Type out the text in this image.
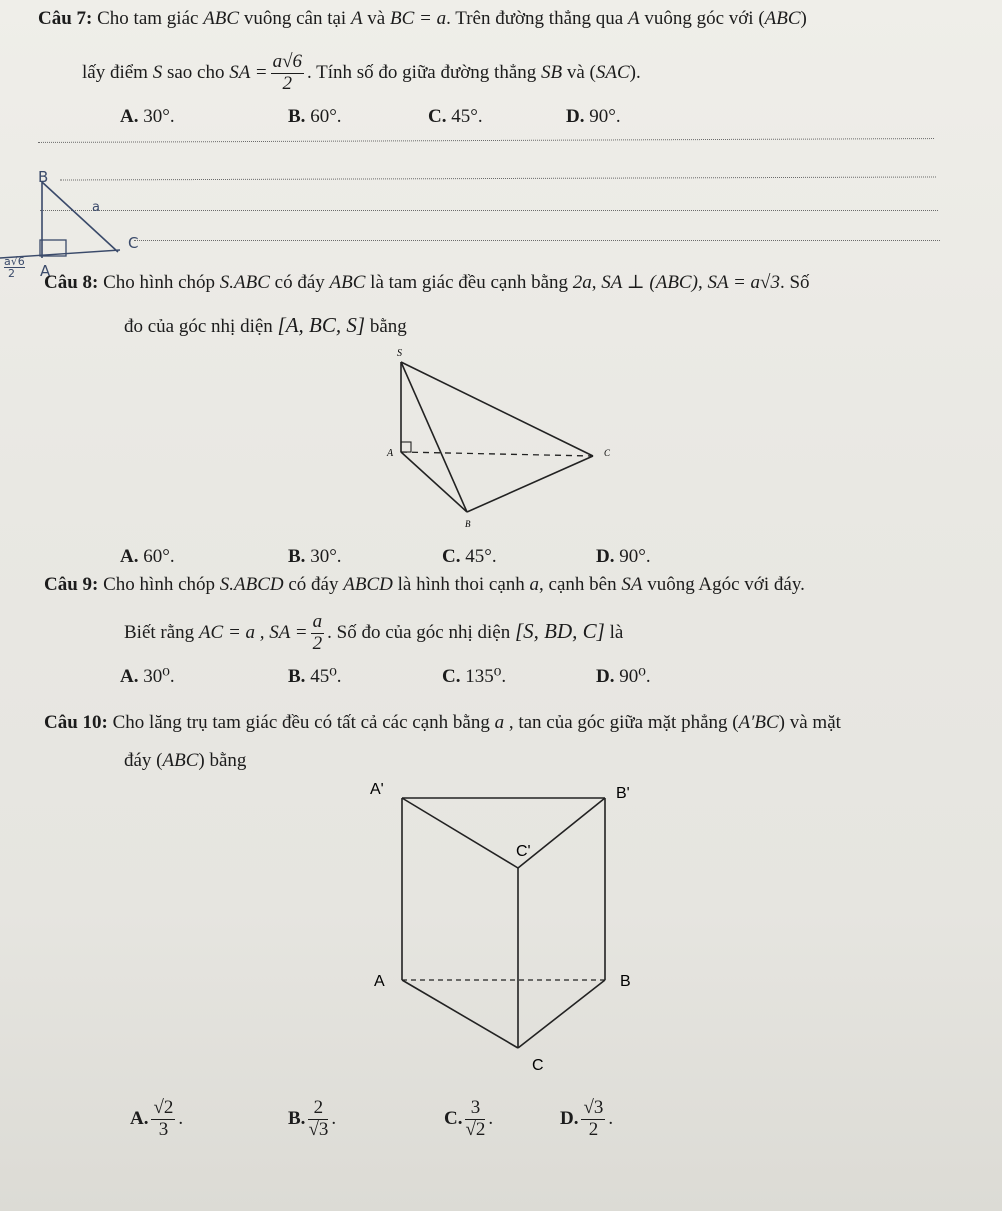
Câu 7: Cho tam giác ABC vuông cân tại A và BC = a. Trên đường thẳng qua A vuông góc với (ABC)
lấy điểm S sao cho SA = $\frac{a√6}{2}$ . Tính số đo giữa đường thẳng SB và (SAC).
A. 30°.	B. 60°.	C. 45°.	D. 90°.
B
a
C
A
$\frac{a√6}{2}$
Câu 8: Cho hình chóp S.ABC có đáy ABC là tam giác đều cạnh bằng 2a, SA ⊥ (ABC), SA = a√3. Số
đo của góc nhị diện [A, BC, S] bằng
S
A
B
C
A. 60°.	B. 30°.	C. 45°.	D. 90°.
Câu 9: Cho hình chóp S.ABCD có đáy ABCD là hình thoi cạnh a, cạnh bên SA vuông Agóc với đáy.
Biết rằng AC = a , SA = $\frac{a}{2}$ . Số đo của góc nhị diện [S, BD, C] là
A. 30⁰.	B. 45⁰.	C. 135⁰.	D. 90⁰.
Câu 10: Cho lăng trụ tam giác đều có tất cả các cạnh bằng a , tan của góc giữa mặt phẳng (A′BC) và mặt
đáy (ABC) bằng
A'	B'
C'
A	B
C
A. $\frac{√2}{3}$ .	B. $\frac{2}{√3}$ .	C. $\frac{3}{√2}$ .	D. $\frac{√3}{2}$ .
